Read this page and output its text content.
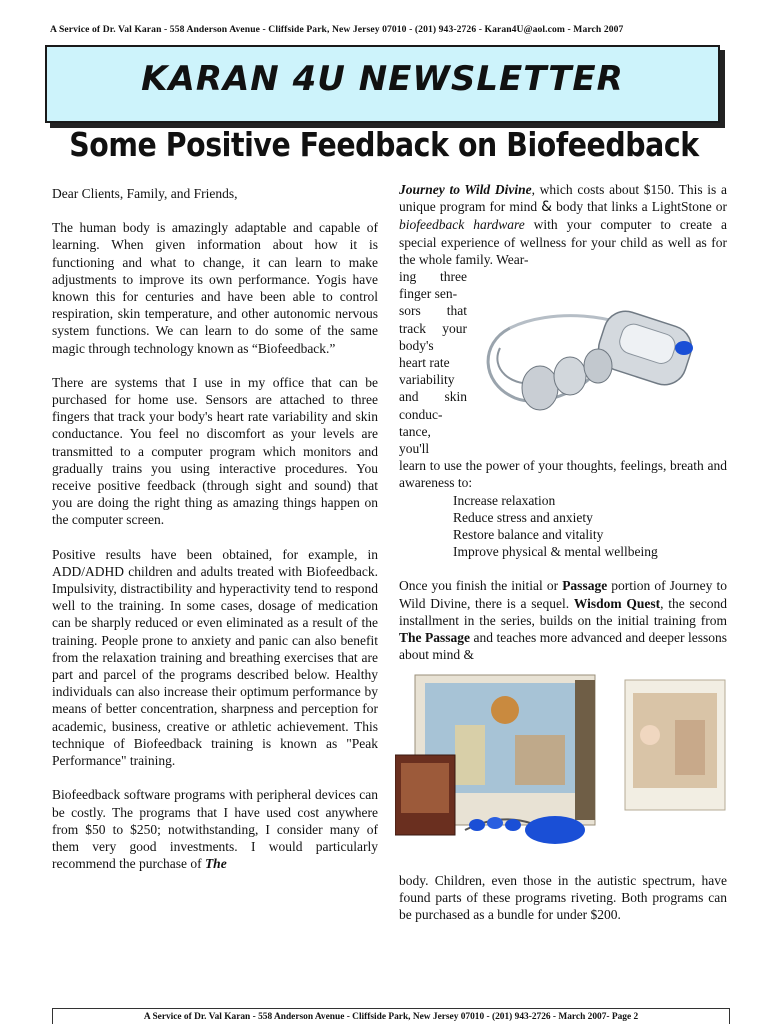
A Service of Dr. Val Karan - 558 Anderson Avenue - Cliffside Park, New Jersey 07010 - (201) 943-2726 - Karan4U@aol.com - March 2007
KARAN 4U NEWSLETTER
Some Positive Feedback on Biofeedback

Dear Clients, Family, and Friends,

The human body is amazingly adaptable and capable of learning. When given information about how it is functioning and what to change, it can learn to make adjustments to improve its own performance. Yogis have known this for centuries and have been able to control respiration, skin temperature, and other autonomic nervous system functions. We can learn to do some of the same magic through technology known as “Biofeedback.”

There are systems that I use in my office that can be purchased for home use. Sensors are attached to three fingers that track your body's heart rate variability and skin conductance. You feel no discomfort as your levels are transmitted to a computer program which monitors and gradually trains you using interactive procedures. You receive positive feedback (through sight and sound) that you are doing the right thing as amazing things happen on the computer screen.

Positive results have been obtained, for example, in ADD/ADHD children and adults treated with Biofeedback. Impulsivity, distractibility and hyperactivity tend to respond well to the training. In some cases, dosage of medication can be sharply reduced or even eliminated as a result of the training. People prone to anxiety and panic can also benefit from the relaxation training and breathing exercises that are part and parcel of the programs described below. Healthy individuals can also increase their optimum performance by means of better concentration, sharpness and perception for academic, business, creative or athletic achievement. This technique of Biofeedback training is known as "Peak Performance" training.

Biofeedback software programs with peripheral devices can be costly. The programs that I have used cost anywhere from $50 to $250; notwithstanding, I consider many of them very good investments. I would particularly recommend the purchase of The

Journey to Wild Divine, which costs about $150. This is a unique program for mind & body that links a LightStone or biofeedback hardware with your computer to create a special experience of wellness for your child as well as for the whole family. Wear-

ing three
finger sen-
sors that
track your
body's
heart rate
variability
and skin
conduc-
tance,
you'll

learn to use the power of your thoughts, feelings, breath and awareness to:

Increase relaxation
Reduce stress and anxiety
Restore balance and vitality
Improve physical & mental wellbeing

Once you finish the initial or Passage portion of Journey to Wild Divine, there is a sequel. Wisdom Quest, the second installment in the series, builds on the initial training from The Passage and teaches more advanced and deeper lessons about mind &

body. Children, even those in the autistic spectrum, have found parts of these programs riveting. Both programs can be purchased as a bundle for under $200.

A Service of Dr. Val Karan - 558 Anderson Avenue - Cliffside Park, New Jersey 07010 - (201) 943-2726 - March 2007- Page 2
